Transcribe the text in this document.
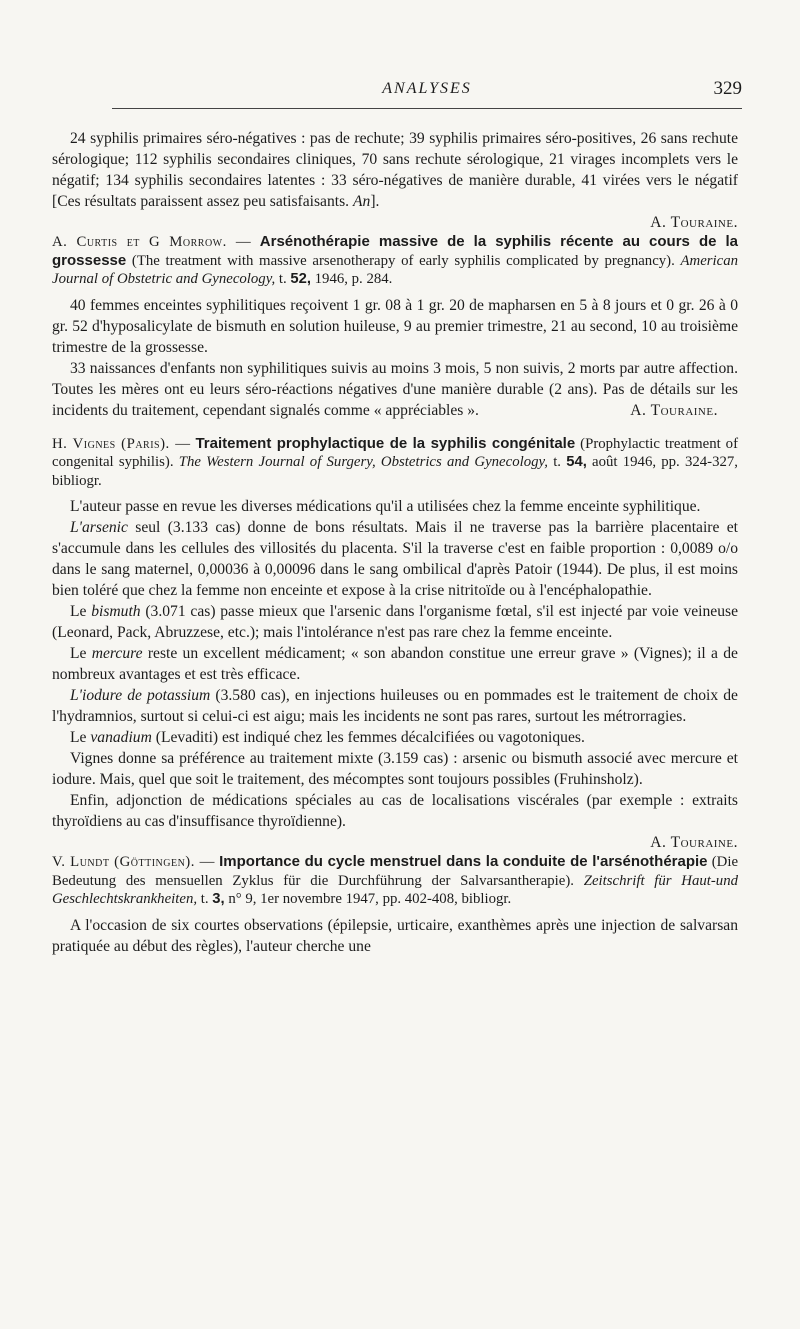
ANALYSES	329

24 syphilis primaires séro-négatives : pas de rechute; 39 syphilis primaires séro-positives, 26 sans rechute sérologique; 112 syphilis secondaires cliniques, 70 sans rechute sérologique, 21 virages incomplets vers le négatif; 134 syphilis secondaires latentes : 33 séro-négatives de manière durable, 41 virées vers le négatif [Ces résultats paraissent assez peu satisfaisants. An].

A. Touraine.

A. Curtis et G Morrow. — Arsénothérapie massive de la syphilis récente au cours de la grossesse (The treatment with massive arsenotherapy of early syphilis complicated by pregnancy). American Journal of Obstetric and Gynecology, t. 52, 1946, p. 284.

40 femmes enceintes syphilitiques reçoivent 1 gr. 08 à 1 gr. 20 de mapharsen en 5 à 8 jours et 0 gr. 26 à 0 gr. 52 d'hyposalicylate de bismuth en solution huileuse, 9 au premier trimestre, 21 au second, 10 au troisième trimestre de la grossesse.

33 naissances d'enfants non syphilitiques suivis au moins 3 mois, 5 non suivis, 2 morts par autre affection. Toutes les mères ont eu leurs séro-réactions négatives d'une manière durable (2 ans). Pas de détails sur les incidents du traitement, cependant signalés comme « appréciables ».	A. Touraine.

H. Vignes (Paris). — Traitement prophylactique de la syphilis congénitale (Prophylactic treatment of congenital syphilis). The Western Journal of Surgery, Obstetrics and Gynecology, t. 54, août 1946, pp. 324-327, bibliogr.

L'auteur passe en revue les diverses médications qu'il a utilisées chez la femme enceinte syphilitique.

L'arsenic seul (3.133 cas) donne de bons résultats. Mais il ne traverse pas la barrière placentaire et s'accumule dans les cellules des villosités du placenta. S'il la traverse c'est en faible proportion : 0,0089 o/o dans le sang maternel, 0,00036 à 0,00096 dans le sang ombilical d'après Patoir (1944). De plus, il est moins bien toléré que chez la femme non enceinte et expose à la crise nitritoïde ou à l'encéphalopathie.

Le bismuth (3.071 cas) passe mieux que l'arsenic dans l'organisme fœtal, s'il est injecté par voie veineuse (Leonard, Pack, Abruzzese, etc.); mais l'intolérance n'est pas rare chez la femme enceinte.

Le mercure reste un excellent médicament; « son abandon constitue une erreur grave » (Vignes); il a de nombreux avantages et est très efficace.

L'iodure de potassium (3.580 cas), en injections huileuses ou en pommades est le traitement de choix de l'hydramnios, surtout si celui-ci est aigu; mais les incidents ne sont pas rares, surtout les métrorragies.

Le vanadium (Levaditi) est indiqué chez les femmes décalcifiées ou vagotoniques.

Vignes donne sa préférence au traitement mixte (3.159 cas) : arsenic ou bismuth associé avec mercure et iodure. Mais, quel que soit le traitement, des mécomptes sont toujours possibles (Fruhinsholz).

Enfin, adjonction de médications spéciales au cas de localisations viscérales (par exemple : extraits thyroïdiens au cas d'insuffisance thyroïdienne).

A. Touraine.

V. Lundt (Göttingen). — Importance du cycle menstruel dans la conduite de l'arsénothérapie (Die Bedeutung des mensuellen Zyklus für die Durchführung der Salvarsantherapie). Zeitschrift für Haut-und Geschlechtskrankheiten, t. 3, n° 9, 1er novembre 1947, pp. 402-408, bibliogr.

A l'occasion de six courtes observations (épilepsie, urticaire, exanthèmes après une injection de salvarsan pratiquée au début des règles), l'auteur cherche une
